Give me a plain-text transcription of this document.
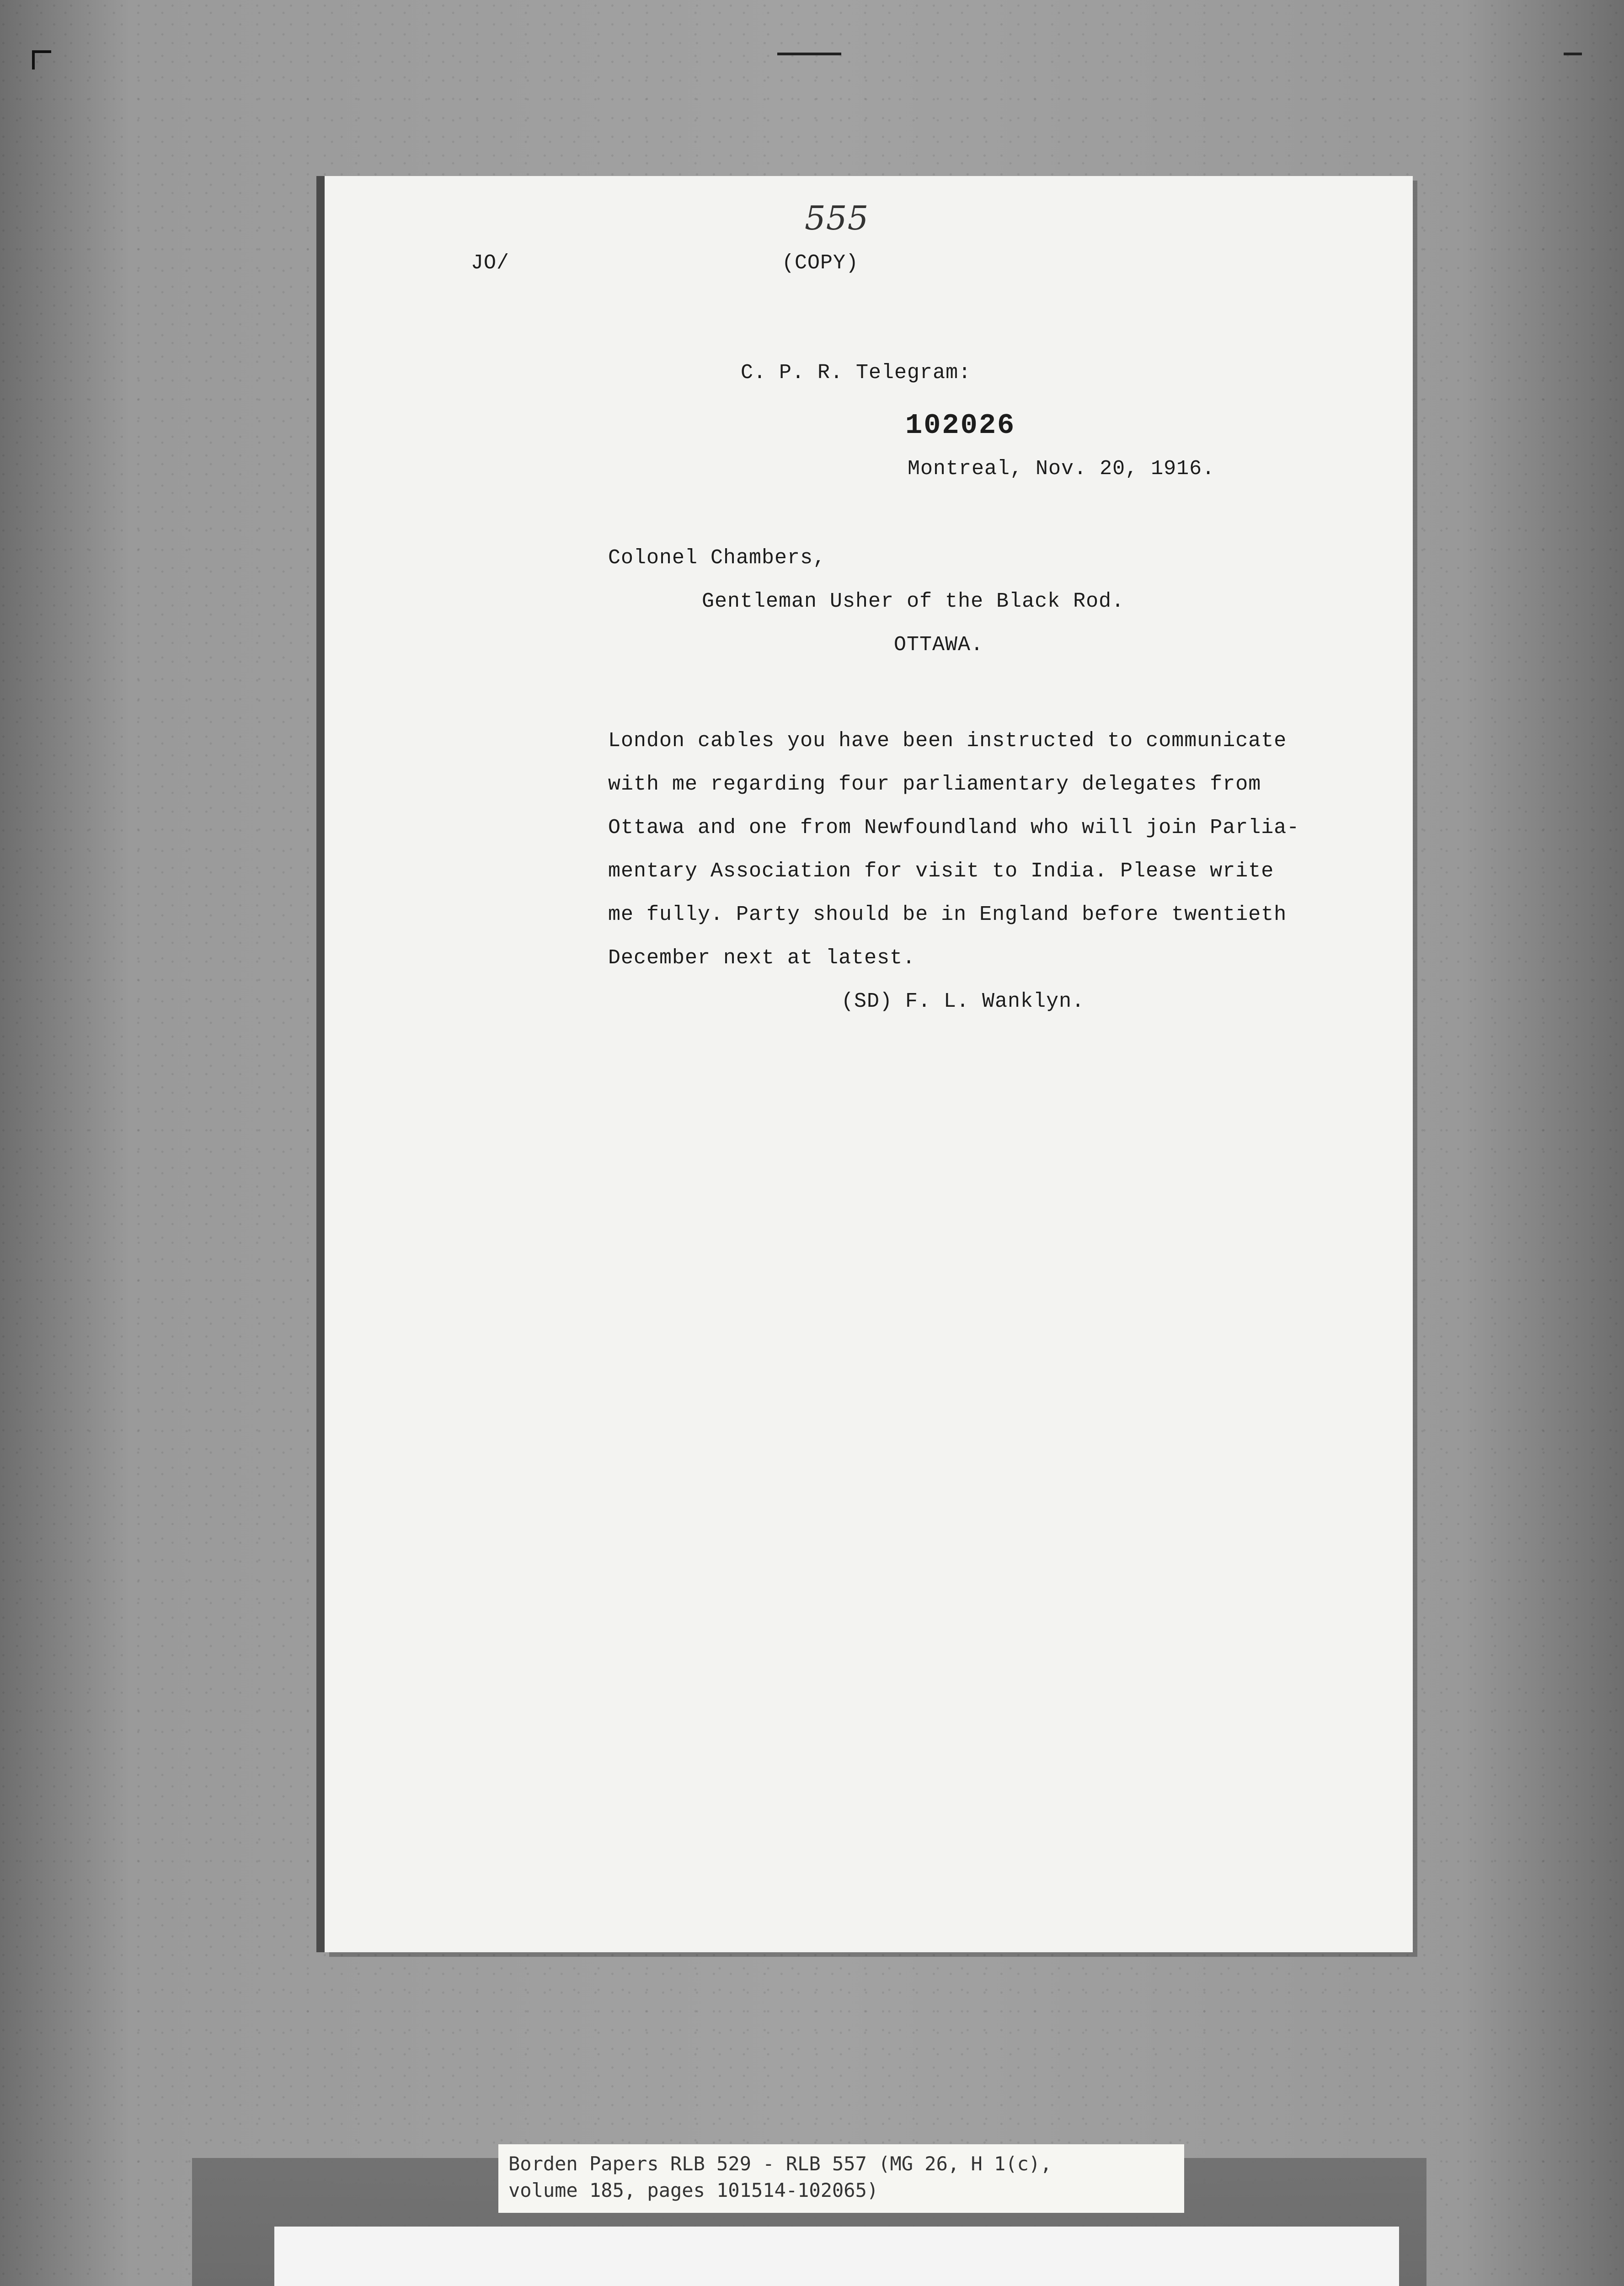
555
JO/	(COPY)
C. P. R. Telegram:
102026
Montreal, Nov. 20, 1916.
Colonel Chambers,
Gentleman Usher of the Black Rod.
OTTAWA.
London cables you have been instructed to communicate
with me regarding four parliamentary delegates from
Ottawa and one from Newfoundland who will join Parlia-
mentary Association for visit to India. Please write
me fully. Party should be in England before twentieth
December next at latest.
(SD) F. L. Wanklyn.
Borden Papers RLB 529 - RLB 557 (MG 26, H 1(c),
volume 185, pages 101514-102065)
